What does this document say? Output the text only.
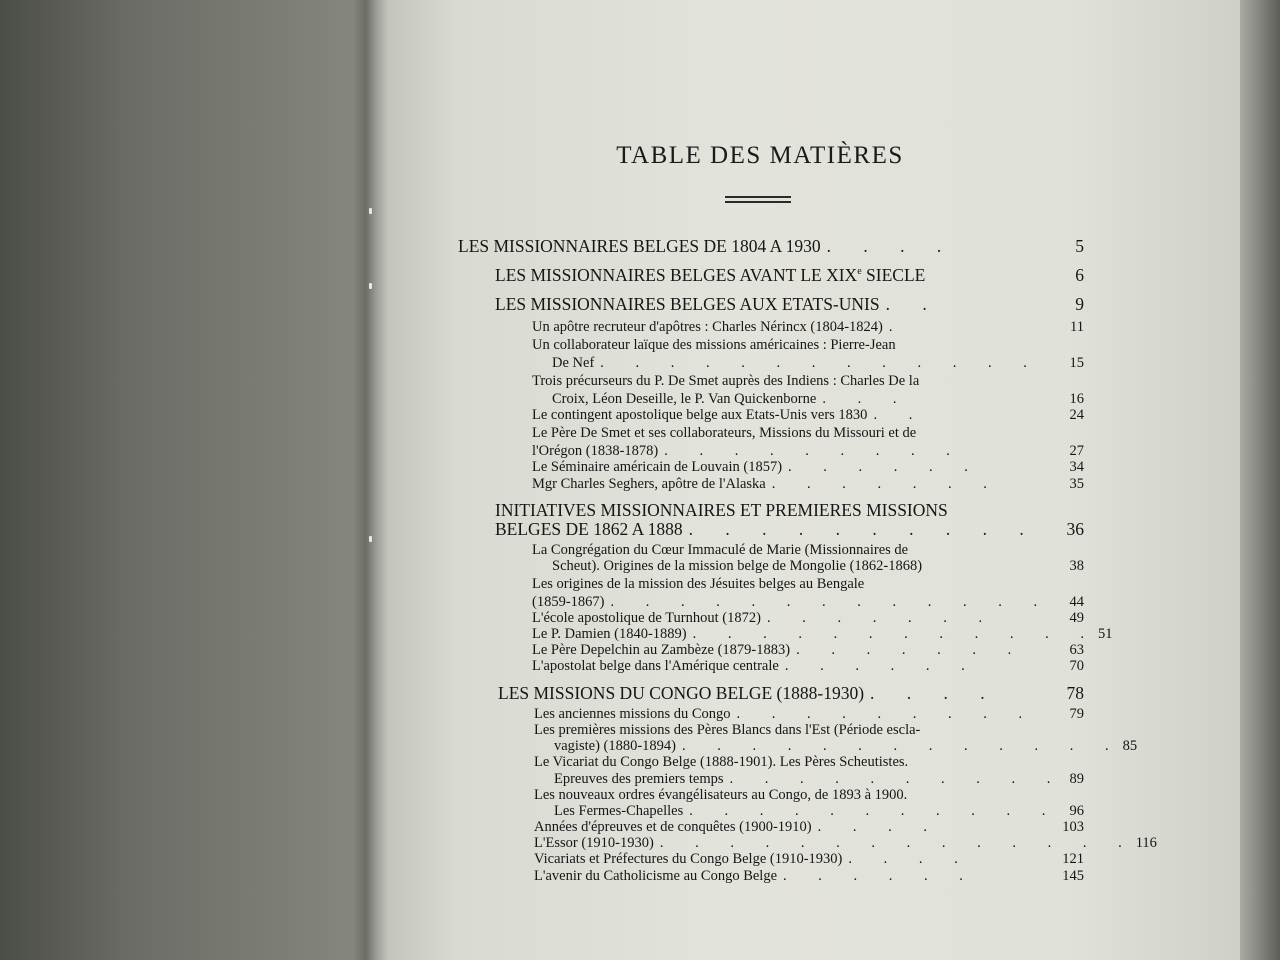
TABLE DES MATIÈRES
LES MISSIONNAIRES BELGES DE 1804 A 1930 . . . .	5
LES MISSIONNAIRES BELGES AVANT LE XIXe SIECLE	6
LES MISSIONNAIRES BELGES AUX ETATS-UNIS . .	9
Un apôtre recruteur d'apôtres : Charles Nérincx (1804-1824) .	11
Un collaborateur laïque des missions américaines : Pierre-Jean
De Nef . . . . . . . . . . . . .	15
Trois précurseurs du P. De Smet auprès des Indiens : Charles De la
Croix, Léon Deseille, le P. Van Quickenborne . . .	16
Le contingent apostolique belge aux Etats-Unis vers 1830 . .	24
Le Père De Smet et ses collaborateurs, Missions du Missouri et de
l'Orégon (1838-1878) . . . . . . . . .	27
Le Séminaire américain de Louvain (1857) . . . . . .	34
Mgr Charles Seghers, apôtre de l'Alaska . . . . . . .	35
INITIATIVES MISSIONNAIRES ET PREMIERES MISSIONS
BELGES DE 1862 A 1888 . . . . . . . . . .	36
La Congrégation du Cœur Immaculé de Marie (Missionnaires de
Scheut). Origines de la mission belge de Mongolie (1862-1868)	38
Les origines de la mission des Jésuites belges au Bengale
(1859-1867) . . . . . . . . . . . . .	44
L'école apostolique de Turnhout (1872) . . . . . . .	49
Le P. Damien (1840-1889) . . . . . . . . . . . . 51
Le Père Depelchin au Zambèze (1879-1883) . . . . . . .	63
L'apostolat belge dans l'Amérique centrale . . . . . .	70
LES MISSIONS DU CONGO BELGE (1888-1930) . . . .	78
Les anciennes missions du Congo . . . . . . . . .	79
Les premières missions des Pères Blancs dans l'Est (Période escla-
vagiste) (1880-1894) . . . . . . . . . . . . . 85
Le Vicariat du Congo Belge (1888-1901). Les Pères Scheutistes.
Epreuves des premiers temps . . . . . . . . . . 89
Les nouveaux ordres évangélisateurs au Congo, de 1893 à 1900.
Les Fermes-Chapelles . . . . . . . . . . . 96
Années d'épreuves et de conquêtes (1900-1910) . . . .	103
L'Essor (1910-1930) . . . . . . . . . . . . . . 116
Vicariats et Préfectures du Congo Belge (1910-1930) . . . .	121
L'avenir du Catholicisme au Congo Belge . . . . . .	145
